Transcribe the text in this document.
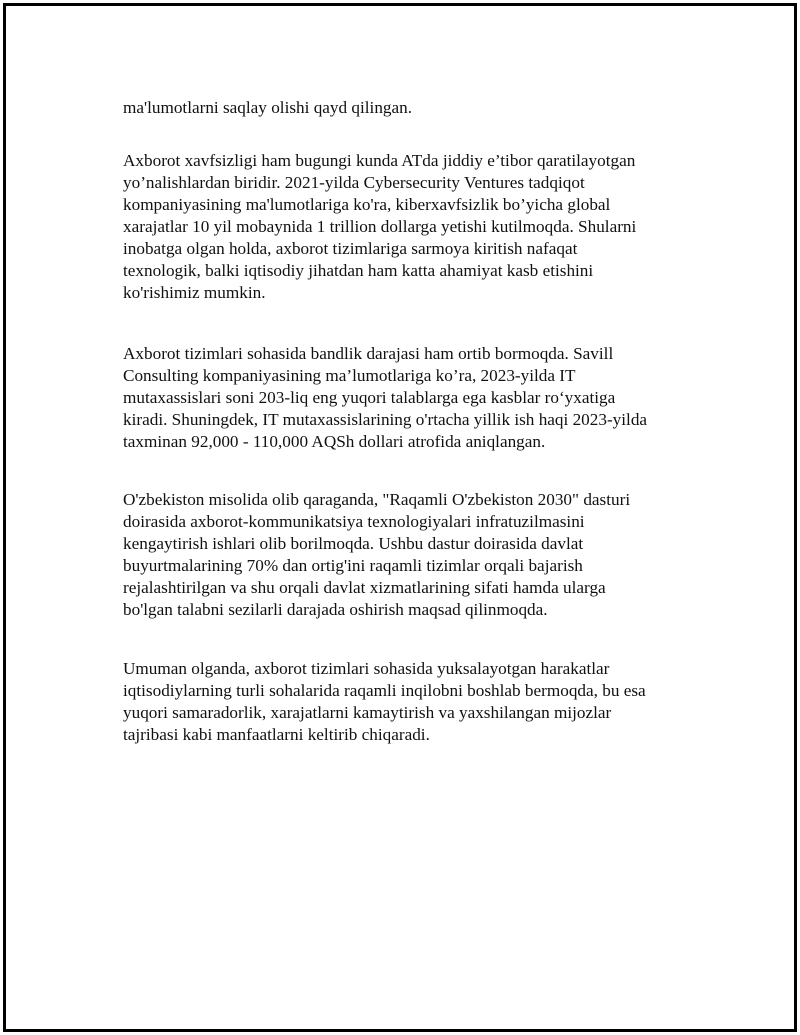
ma'lumotlarni saqlay olishi qayd qilingan.

Axborot xavfsizligi ham bugungi kunda ATda jiddiy e’tibor qaratilayotgan
yo’nalishlardan biridir. 2021-yilda Cybersecurity Ventures tadqiqot
kompaniyasining ma'lumotlariga ko'ra, kiberxavfsizlik bo’yicha global
xarajatlar 10 yil mobaynida 1 trillion dollarga yetishi kutilmoqda. Shularni
inobatga olgan holda, axborot tizimlariga sarmoya kiritish nafaqat
texnologik, balki iqtisodiy jihatdan ham katta ahamiyat kasb etishini
ko'rishimiz mumkin.

Axborot tizimlari sohasida bandlik darajasi ham ortib bormoqda. Savill
Consulting kompaniyasining ma’lumotlariga ko’ra, 2023-yilda IT
mutaxassislari soni 203-liq eng yuqori talablarga ega kasblar ro‘yxatiga
kiradi. Shuningdek, IT mutaxassislarining o'rtacha yillik ish haqi 2023-yilda
taxminan 92,000 - 110,000 AQSh dollari atrofida aniqlangan.

O'zbekiston misolida olib qaraganda, "Raqamli O'zbekiston 2030" dasturi
doirasida axborot-kommunikatsiya texnologiyalari infratuzilmasini
kengaytirish ishlari olib borilmoqda. Ushbu dastur doirasida davlat
buyurtmalarining 70% dan ortig'ini raqamli tizimlar orqali bajarish
rejalashtirilgan va shu orqali davlat xizmatlarining sifati hamda ularga
bo'lgan talabni sezilarli darajada oshirish maqsad qilinmoqda.

Umuman olganda, axborot tizimlari sohasida yuksalayotgan harakatlar
iqtisodiylarning turli sohalarida raqamli inqilobni boshlab bermoqda, bu esa
yuqori samaradorlik, xarajatlarni kamaytirish va yaxshilangan mijozlar
tajribasi kabi manfaatlarni keltirib chiqaradi.
